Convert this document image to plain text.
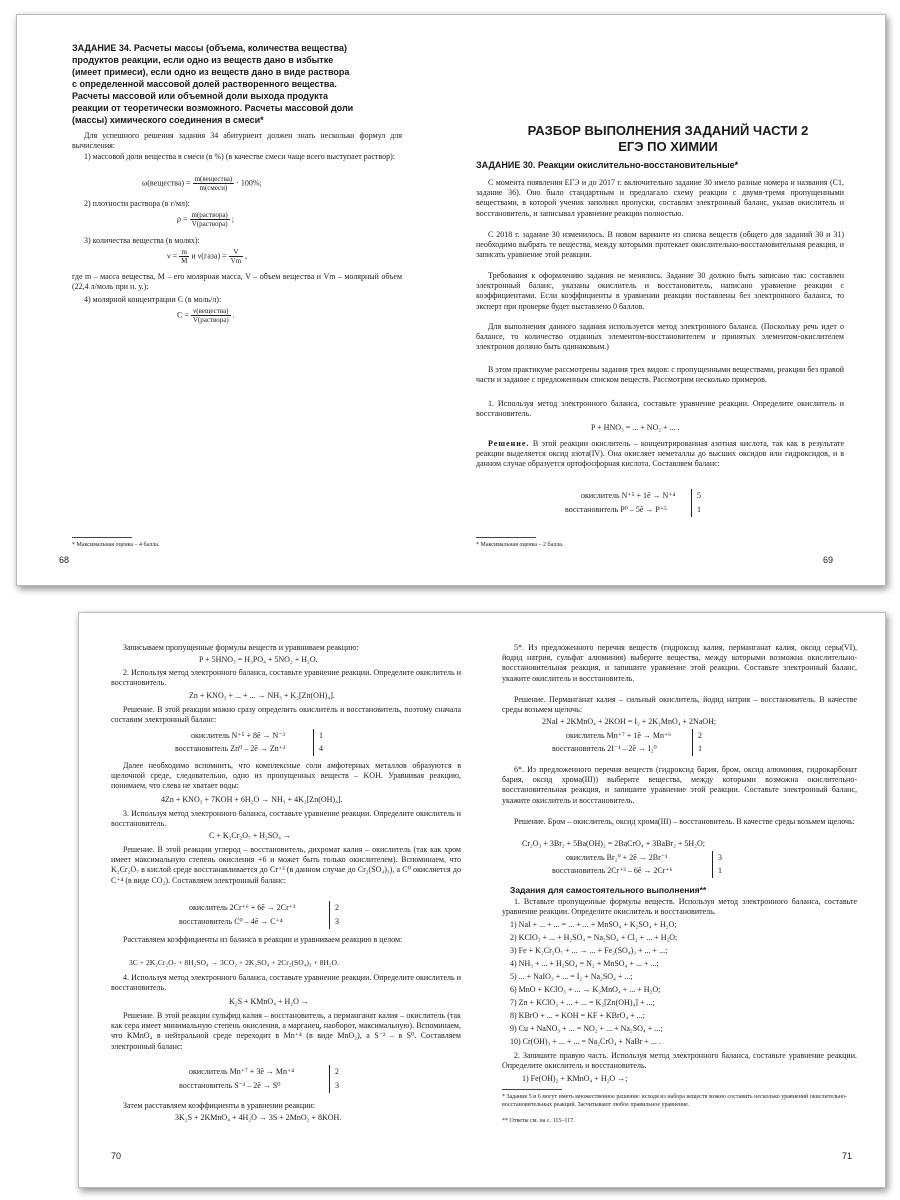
ЗАДАНИЕ 34. Расчеты массы (объема, количества вещества)
продуктов реакции, если одно из веществ дано в избытке
(имеет примеси), если одно из веществ дано в виде раствора
с определенной массовой долей растворенного вещества.
Расчеты массовой или объемной доли выхода продукта
реакции от теоретически возможного. Расчеты массовой доли
(массы) химического соединения в смеси*
Для успешного решения задания 34 абитуриент должен знать несколько формул для вычисления:
1) массовой доли вещества в смеси (в %) (в качестве смеси чаще всего выступает раствор):
ω(вещества) = $\frac{\text{m(вещества)}}{\text{m(смеси)}} \cdot 100\%$;
2) плотности раствора (в г/мл):
$\rho = \frac{\text{m(раствора)}}{\text{V(раствора)}}$ ;
3) количества вещества (в молях):
$\nu = \frac{m}{M}$ и ν(газа) = $\frac{V}{Vm}$ ,
где m – масса вещества, M – его молярная масса, V – объем вещества и Vm – молярный объем (22,4 л/моль при н. у.);
4) молярной концентрации C (в моль/л):
$C = \frac{\text{ν(вещества)}}{\text{V(раствора)}}$ .
* Максимальная оценка – 4 балла.
68
РАЗБОР ВЫПОЛНЕНИЯ ЗАДАНИЙ ЧАСТИ 2
ЕГЭ ПО ХИМИИ
ЗАДАНИЕ 30. Реакции окислительно-восстановительные*
С момента появления ЕГЭ и до 2017 г. включительно задание 30 имело разные номера и названия (С1, задание 36). Оно было стандартным и предлагало схему реакции с двумя-тремя пропущенными веществами, в которой ученик заполнял пропуски, составлял электронный баланс, указав окислитель и восстановитель, и записывал уравнение реакции полностью.
С 2018 г. задание 30 изменилось. В новом варианте из списка веществ (общего для заданий 30 и 31) необходимо выбрать те вещества, между которыми протекает окислительно-восстановительная реакция, и записать уравнение этой реакции.
Требования к оформлению задания не менялись. Задание 30 должно быть записано так: составлен электронный баланс, указаны окислитель и восстановитель, написано уравнение реакции с коэффициентами. Если коэффициенты в уравнении реакции поставлены без электронного баланса, то эксперт при проверке будет выставлено 0 баллов.
Для выполнения данного задания используется метод электронного баланса. (Поскольку речь идет о балансе, то количество отданных элементом-восстановителем и принятых элементом-окислителем электронов должно быть одинаковым.)
В этом практикуме рассмотрены задания трех видов: с пропущенными веществами, реакции без правой части и задание с предложенным списком веществ. Рассмотрим несколько примеров.
1. Используя метод электронного баланса, составьте уравнение реакции. Определите окислитель и восстановитель.
P + HNO₃ = ... + NO₂ + ... .
Решение. В этой реакции окислитель – концентрированная азотная кислота, так как в результате реакции выделяется оксид азота(IV). Она окисляет неметаллы до высших оксидов или гидроксидов, и в данном случае образуется ортофосфорная кислота. Составляем баланс:
окислитель N⁺⁵ + 1ē → N⁺⁴
восстановитель P⁰ – 5ē → P⁺⁵
5
1
* Максимальная оценка – 2 балла.
69
Записываем пропущенные формулы веществ и уравниваем реакцию:
P + 5HNO₃ = H₃PO₄ + 5NO₂ + H₂O.
2. Используя метод электронного баланса, составьте уравнение реакции. Определите окислитель и восстановитель.
Zn + KNO₃ + ... + ... → NH₃ + K₂[Zn(OH)₄].
Решение. В этой реакции можно сразу определить окислитель и восстановитель, поэтому сначала составим электронный баланс:
окислитель N⁺⁵ + 8ē → N⁻³
восстановитель Zn⁰ – 2ē → Zn⁺²
1
4
Далее необходимо вспомнить, что комплексные соли амфотерных металлов образуются в щелочной среде, следовательно, одно из пропущенных веществ – KOH. Уравнивая реакцию, понимаем, что слева не хватает воды:
4Zn + KNO₃ + 7KOH + 6H₂O → NH₃ + 4K₂[Zn(OH)₄].
3. Используя метод электронного баланса, составьте уравнение реакции. Определите окислитель и восстановитель.
C + K₂Cr₂O₇ + H₂SO₄ →
Решение. В этой реакции углерод – восстановитель, дихромат калия – окислитель (так как хром имеет максимальную степень окисления +6 и может быть только окислителем). Вспоминаем, что K₂Cr₂O₇ в кислой среде восстанавливается до Cr⁺³ (в данном случае до Cr₂(SO₄)₃), а C⁰ окисляется до C⁺⁴ (в виде CO₂). Составляем электронный баланс:
окислитель 2Cr⁺⁶ + 6ē → 2Cr⁺³
восстановитель C⁰ – 4ē → C⁺⁴
2
3
Расставляем коэффициенты из баланса в реакции и уравниваем реакцию в целом:
3C + 2K₂Cr₂O₇ + 8H₂SO₄ → 3CO₂ + 2K₂SO₄ + 2Cr₂(SO₄)₃ + 8H₂O.
4. Используя метод электронного баланса, составьте уравнение реакции. Определите окислитель и восстановитель.
K₂S + KMnO₄ + H₂O →
Решение. В этой реакции сульфид калия – восстановитель, а перманганат калия – окислитель (так как сера имеет минимальную степень окисления, а марганец, наоборот, максимальную). Вспоминаем, что KMnO₄ в нейтральной среде переходит в Mn⁺⁴ (в виде MnO₂), а S⁻² – в S⁰. Составляем электронный баланс:
окислитель Mn⁺⁷ + 3ē → Mn⁺⁴
восстановитель S⁻² – 2ē → S⁰
2
3
Затем расставляем коэффициенты в уравнении реакции:
3K₂S + 2KMnO₄ + 4H₂O → 3S + 2MnO₂ + 8KOH.
70
5*. Из предложенного перечня веществ (гидроксид калия, перманганат калия, оксид серы(VI), йодид натрия, сульфат алюминия) выберите вещества, между которыми возможна окислительно-восстановительная реакция, и запишите уравнение этой реакции. Составьте электронный баланс, укажите окислитель и восстановитель.
Решение. Перманганат калия – сильный окислитель, йодид натрия – восстановитель. В качестве среды возьмем щелочь:
2NaI + 2KMnO₄ + 2KOH = I₂ + 2K₂MnO₄ + 2NaOH;
окислитель Mn⁺⁷ + 1ē → Mn⁺⁶
восстановитель 2I⁻¹ – 2ē → I₂⁰
2
1
6*. Из предложенного перечня веществ (гидроксид бария, бром, оксид алюминия, гидрокарбонат бария, оксид хрома(III)) выберите вещества, между которыми возможна окислительно-восстановительная реакция, и запишите уравнение этой реакции. Составьте электронный баланс, укажите окислитель и восстановитель.
Решение. Бром – окислитель, оксид хрома(III) – восстановитель. В качестве среды возьмем щелочь:
Cr₂O₃ + 3Br₂ + 5Ba(OH)₂ = 2BaCrO₄ + 3BaBr₂ + 5H₂O;
окислитель Br₂⁰ + 2ē → 2Br⁻¹
восстановитель 2Cr⁺³ – 6ē → 2Cr⁺⁶
3
1
Задания для самостоятельного выполнения**
1. Вставьте пропущенные формулы веществ. Используя метод электронного баланса, составьте уравнение реакции. Определите окислитель и восстановитель.
2. Запишите правую часть. Используя метод электронного баланса, составьте уравнение реакции. Определите окислитель и восстановитель.
1) Fe(OH)₂ + KMnO₄ + H₂O →;
* Задания 5 и 6 могут иметь множественное решение: исходя из набора веществ можно составить несколько уравнений окислительно-восстановительных реакций. Засчитывают любое правильное уравнение.
** Ответы см. на с. 115–117.
71
1) NaI + ... + ... = ... + ... + MnSO₄ + K₂SO₄ + H₂O;
2) KClO₃ + ... + H₂SO₄ = Na₂SO₄ + Cl₂ + ... + H₂O;
3) Fe + K₂Cr₂O₇ + ... → ... + Fe₂(SO₄)₃ + ... + ...;
4) NH₃ + ... + H₂SO₄ = N₂ + MnSO₄ + ... + ...;
5) ... + NaIO₃ + ... = I₂ + Na₂SO₄ + ...;
6) MnO + KClO₃ + ... → K₂MnO₄ + ... + H₂O;
7) Zn + KClO₃ + ... + ... = K₂[Zn(OH)₄] + ...;
8) KBrO + ... + KOH = KF + KBrO₄ + ...;
9) Cu + NaNO₃ + ... = NO₂ + ... + Na₂SO₄ + ...;
10) Cr(OH)₃ + ... + ... = Na₂CrO₄ + NaBr + ... .
